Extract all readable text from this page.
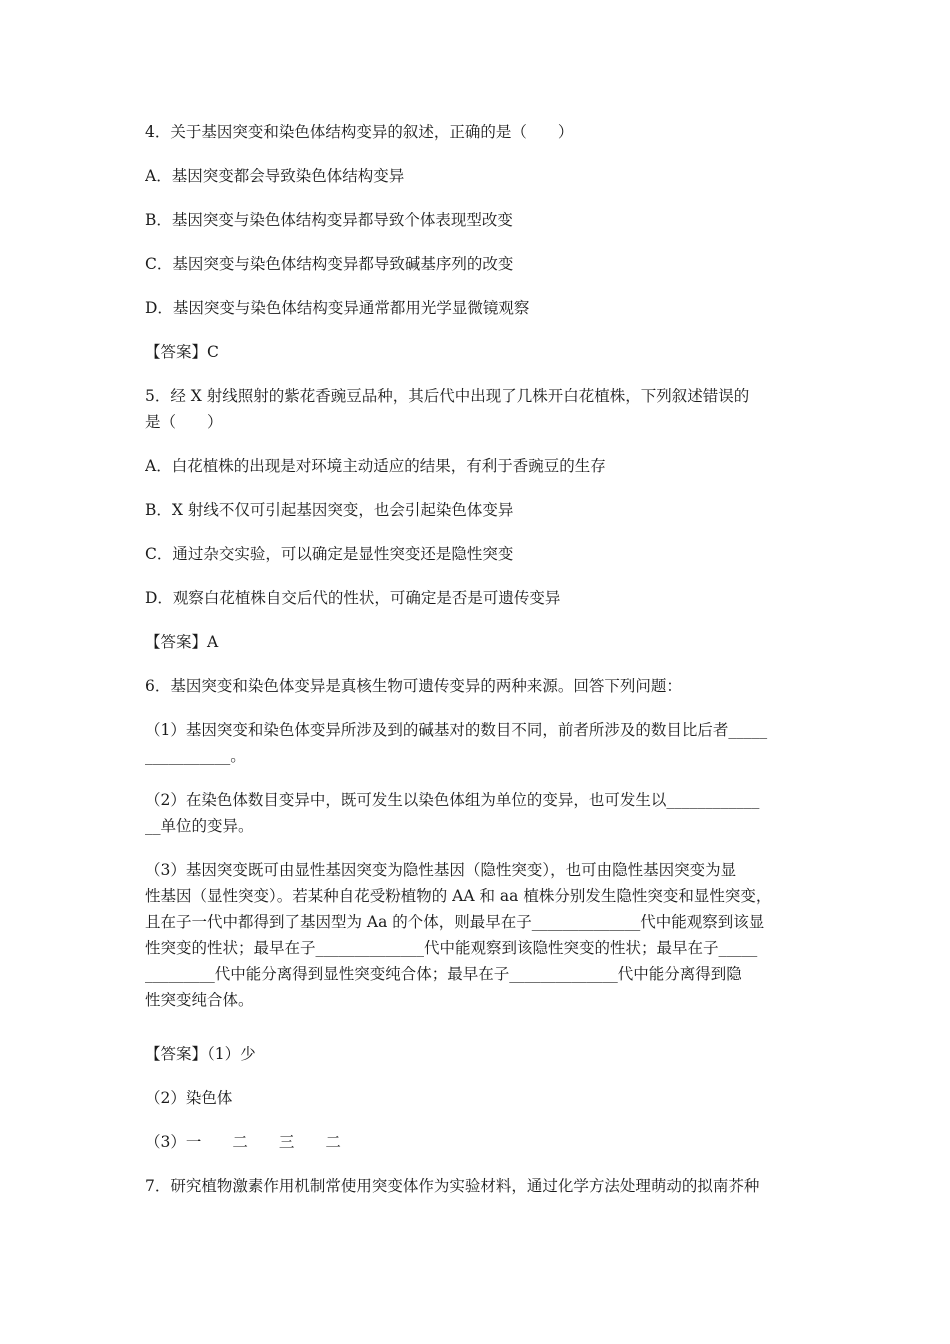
4．关于基因突变和染色体结构变异的叙述，正确的是（　　）
A．基因突变都会导致染色体结构变异
B．基因突变与染色体结构变异都导致个体表现型改变
C．基因突变与染色体结构变异都导致碱基序列的改变
D．基因突变与染色体结构变异通常都用光学显微镜观察
【答案】C
5．经 X 射线照射的紫花香豌豆品种，其后代中出现了几株开白花植株，下列叙述错误的
是（　　）
A．白花植株的出现是对环境主动适应的结果，有利于香豌豆的生存
B．X 射线不仅可引起基因突变，也会引起染色体变异
C．通过杂交实验，可以确定是显性突变还是隐性突变
D．观察白花植株自交后代的性状，可确定是否是可遗传变异
【答案】A
6．基因突变和染色体变异是真核生物可遗传变异的两种来源。回答下列问题：
（1）基因突变和染色体变异所涉及到的碱基对的数目不同，前者所涉及的数目比后者_____
___________。
（2）在染色体数目变异中，既可发生以染色体组为单位的变异，也可发生以____________
__单位的变异。
（3）基因突变既可由显性基因突变为隐性基因（隐性突变），也可由隐性基因突变为显
性基因（显性突变）。若某种自花受粉植物的 AA 和 aa 植株分别发生隐性突变和显性突变，
且在子一代中都得到了基因型为 Aa 的个体，则最早在子______________代中能观察到该显
性突变的性状；最早在子______________代中能观察到该隐性突变的性状；最早在子_____
_________代中能分离得到显性突变纯合体；最早在子______________代中能分离得到隐
性突变纯合体。
【答案】（1）少
（2）染色体
（3）一　　二　　三　　二
7．研究植物激素作用机制常使用突变体作为实验材料，通过化学方法处理萌动的拟南芥种
